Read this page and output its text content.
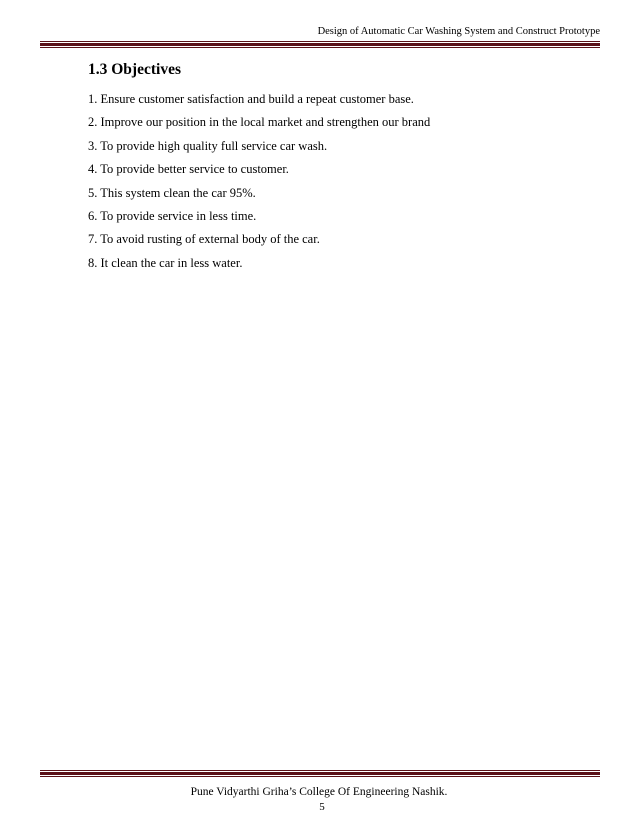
Design of Automatic Car Washing System and Construct Prototype
1.3 Objectives
1. Ensure customer satisfaction and build a repeat customer base.
2. Improve our position in the local market and strengthen our brand
3. To provide high quality full service car wash.
4. To provide better service to customer.
5. This system clean the car 95%.
6. To provide service in less time.
7. To avoid rusting of external body of the car.
8. It clean the car in less water.
Pune Vidyarthi Griha’s College Of Engineering Nashik.
5
